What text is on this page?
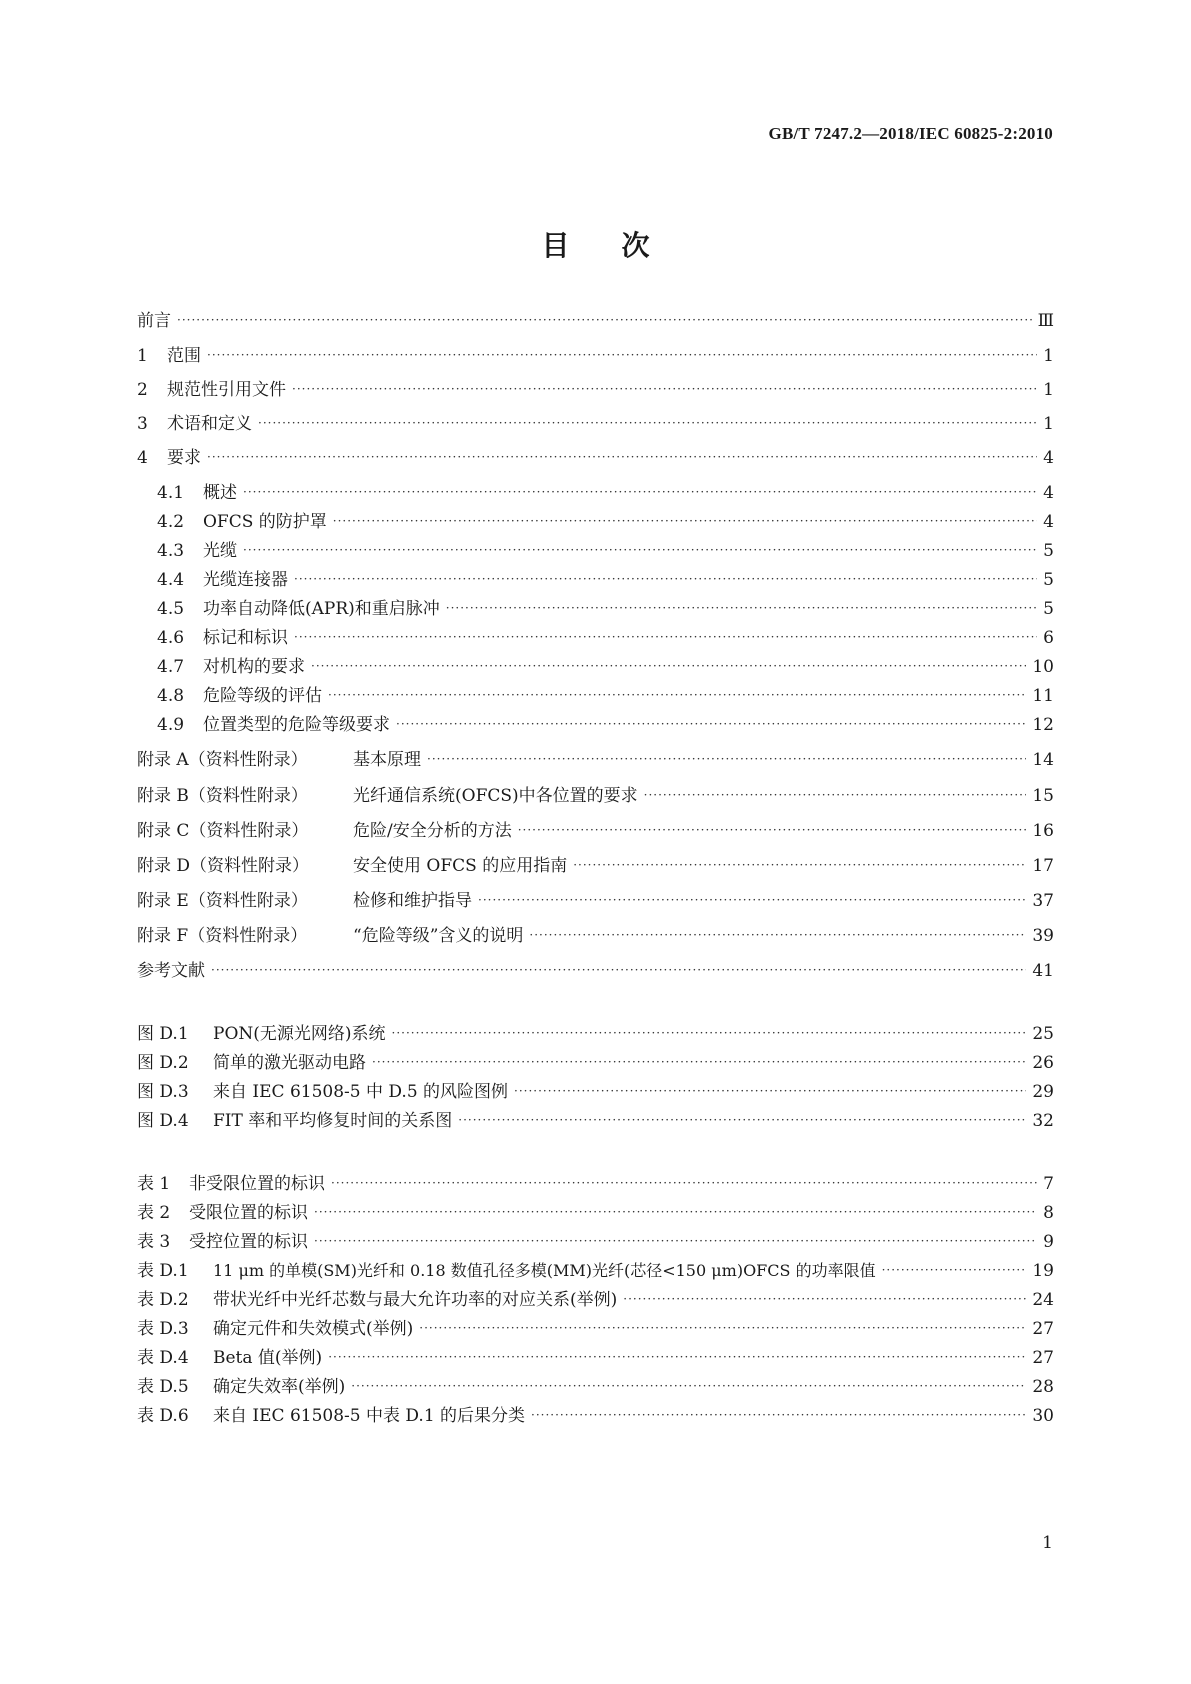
GB/T 7247.2—2018/IEC 60825-2:2010
目 次
前言 ·····	Ⅲ
1	范围 ·····	1
2	规范性引用文件 ·····	1
3	术语和定义 ·····	1
4	要求 ·····	4
4.1	概述 ·····	4
4.2	OFCS 的防护罩 ·····	4
4.3	光缆 ·····	5
4.4	光缆连接器 ·····	5
4.5	功率自动降低(APR)和重启脉冲 ·····	5
4.6	标记和标识 ·····	6
4.7	对机构的要求 ·····	10
4.8	危险等级的评估 ·····	11
4.9	位置类型的危险等级要求 ·····	12
附录 A（资料性附录）	基本原理 ·····	14
附录 B（资料性附录）	光纤通信系统(OFCS)中各位置的要求 ·····	15
附录 C（资料性附录）	危险/安全分析的方法 ·····	16
附录 D（资料性附录）	安全使用 OFCS 的应用指南 ·····	17
附录 E（资料性附录）	检修和维护指导 ·····	37
附录 F（资料性附录）	“危险等级”含义的说明 ·····	39
参考文献 ·····	41
图 D.1	PON(无源光网络)系统 ·····	25
图 D.2	简单的激光驱动电路 ·····	26
图 D.3	来自 IEC 61508-5 中 D.5 的风险图例 ·····	29
图 D.4	FIT 率和平均修复时间的关系图 ·····	32
表 1	非受限位置的标识 ·····	7
表 2	受限位置的标识 ·····	8
表 3	受控位置的标识 ·····	9
表 D.1	11 μm 的单模(SM)光纤和 0.18 数值孔径多模(MM)光纤(芯径<150 μm)OFCS 的功率限值 ·····	19
表 D.2	带状光纤中光纤芯数与最大允许功率的对应关系(举例) ·····	24
表 D.3	确定元件和失效模式(举例) ·····	27
表 D.4	Beta 值(举例) ·····	27
表 D.5	确定失效率(举例) ·····	28
表 D.6	来自 IEC 61508-5 中表 D.1 的后果分类 ·····	30
1
